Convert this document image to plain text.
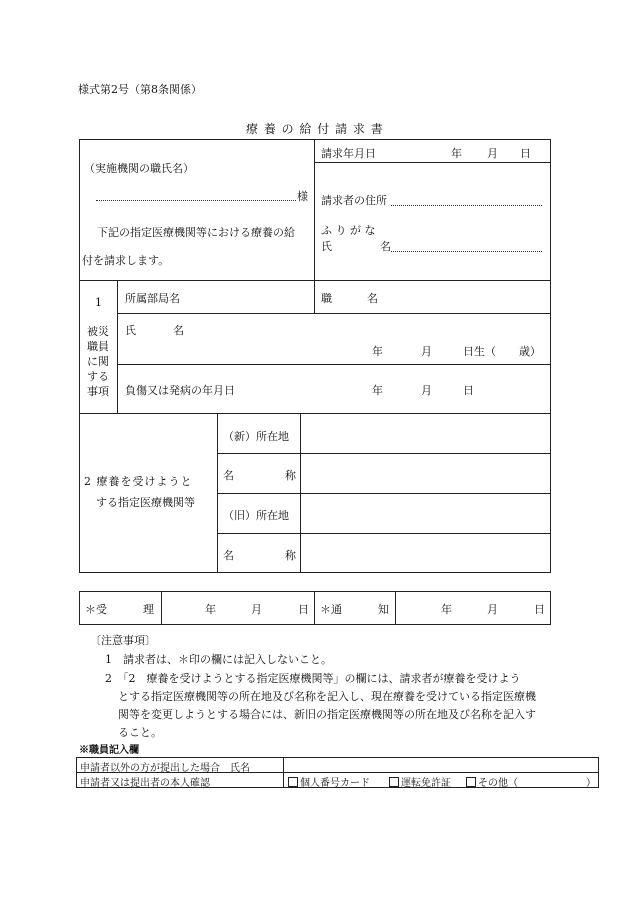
様式第2号（第8条関係）
療 養 の 給 付 請 求 書
（実施機関の職氏名）
様
下記の指定医療機関等における療養の給
付を請求します。
請求年月日	年 月 日
請求者の住所
ふ り が な
氏	名
1
被災
職員
に関
する
事項
所属部局名	職	名
氏	名
年	月	日生（ 歳）
負傷又は発病の年月日	年	月	日
2 療養を受けようと
する指定医療機関等
（新）所在地
名	称
（旧）所在地
名	称
＊受	理	年	月	日 ＊通	知	年	月	日
〔注意事項〕
1　請求者は、＊印の欄には記入しないこと。
2　「2　療養を受けようとする指定医療機関等」の欄には、請求者が療養を受けよう
とする指定医療機関等の所在地及び名称を記入し、現在療養を受けている指定医療機
関等を変更しようとする場合には、新旧の指定医療機関等の所在地及び名称を記入す
ること。
※職員記入欄
申請者以外の方が提出した場合　氏名
申請者又は提出者の本人確認	個人番号カード	運転免許証	その他（	）
